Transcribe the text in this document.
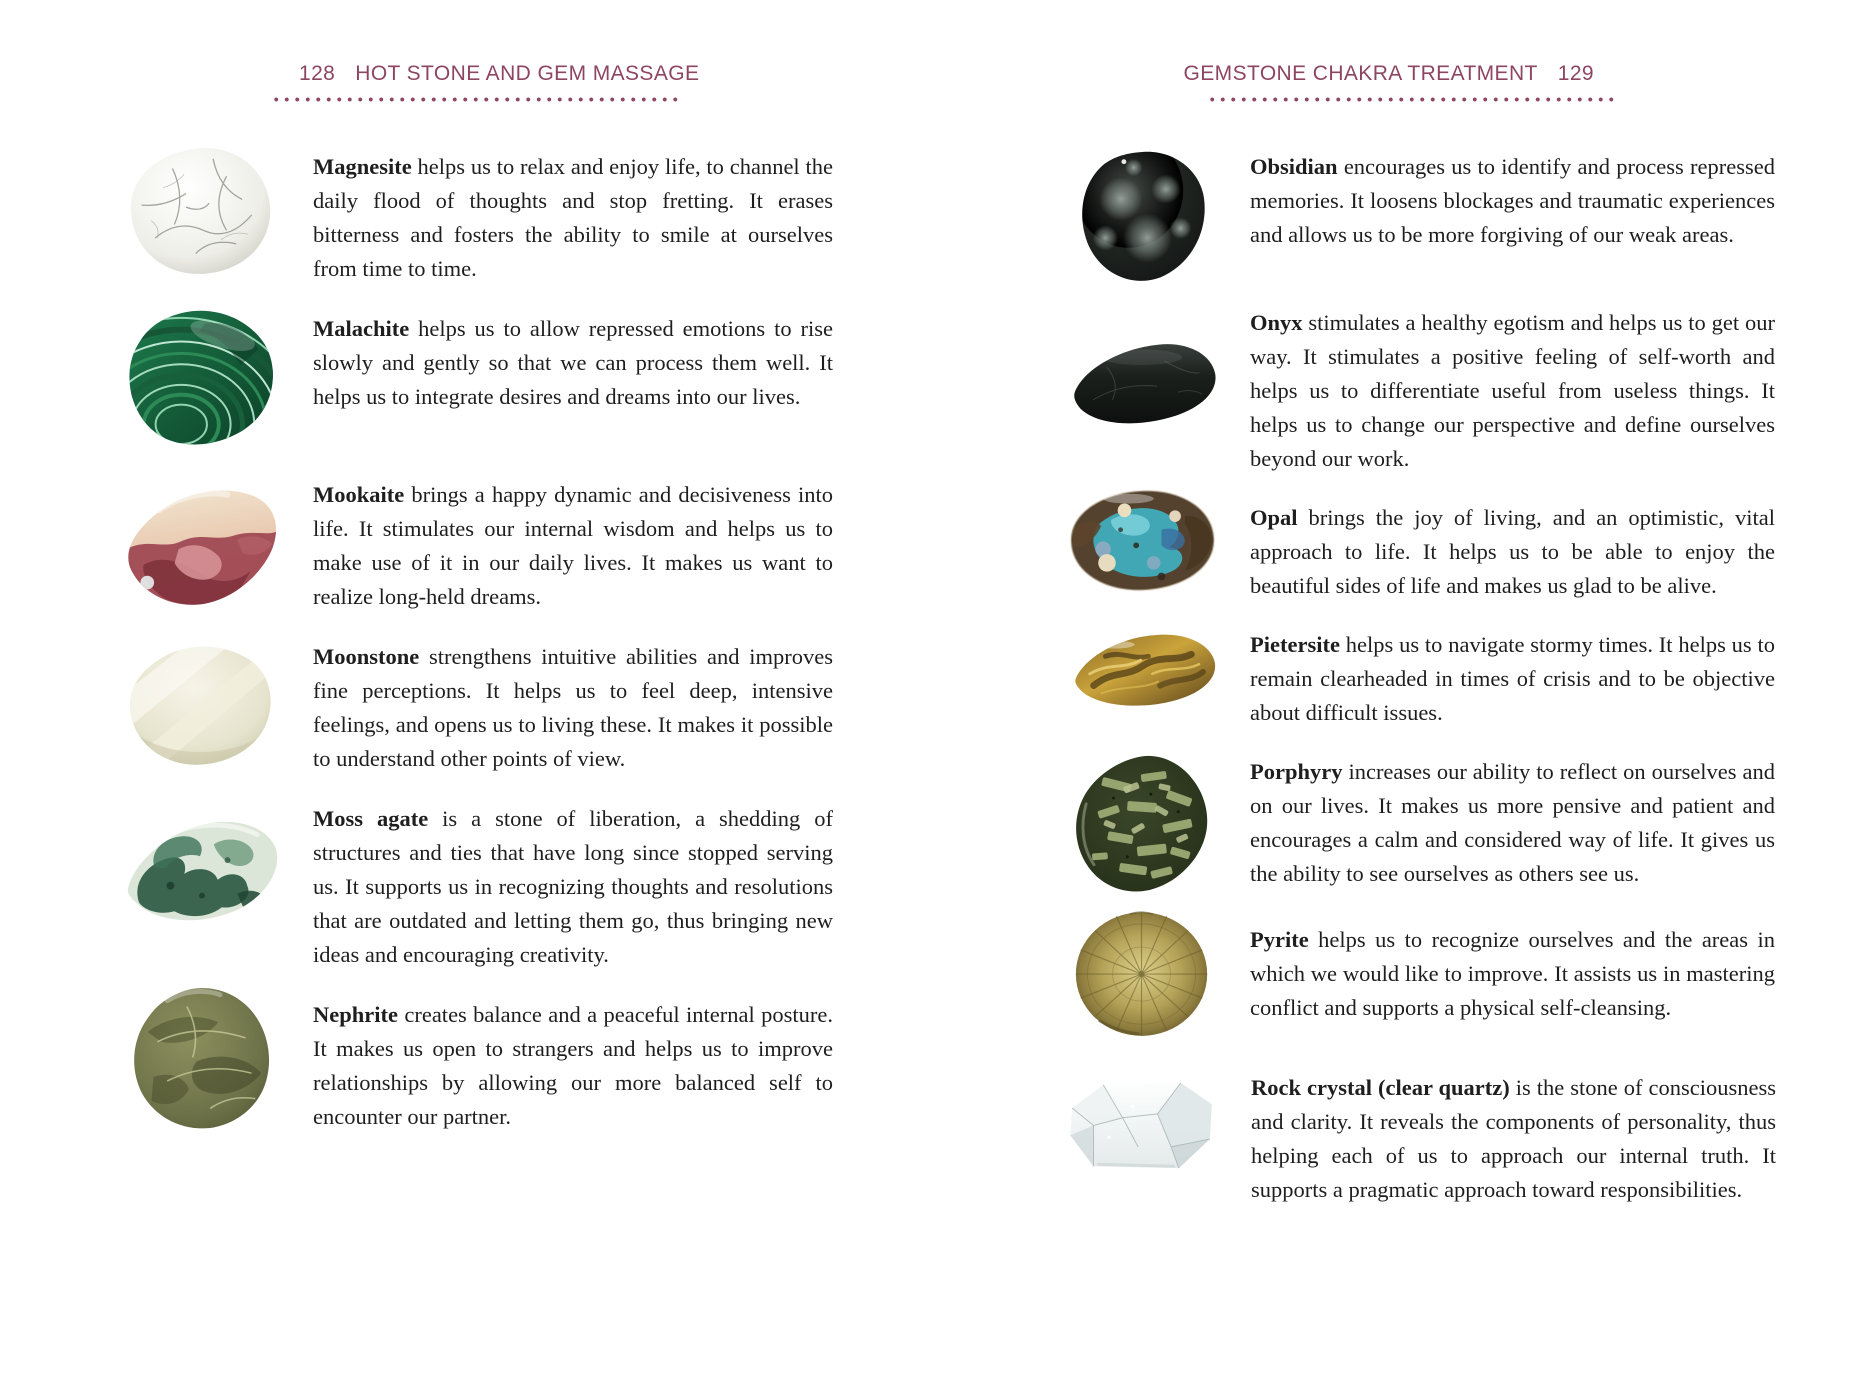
128 HOT STONE AND GEM MASSAGE	GEMSTONE CHAKRA TREATMENT 129

Magnesite helps us to relax and enjoy life, to channel the daily flood of thoughts and stop fretting. It erases bitterness and fosters the ability to smile at ourselves from time to time.

Malachite helps us to allow repressed emotions to rise slowly and gently so that we can process them well. It helps us to integrate desires and dreams into our lives.

Mookaite brings a happy dynamic and decisiveness into life. It stimulates our internal wisdom and helps us to make use of it in our daily lives. It makes us want to realize long-held dreams.

Moonstone strengthens intuitive abilities and improves fine perceptions. It helps us to feel deep, intensive feelings, and opens us to living these. It makes it possible to understand other points of view.

Moss agate is a stone of liberation, a shedding of structures and ties that have long since stopped serving us. It supports us in recognizing thoughts and resolutions that are outdated and letting them go, thus bringing new ideas and encouraging creativity.

Nephrite creates balance and a peaceful internal posture. It makes us open to strangers and helps us to improve relationships by allowing our more balanced self to encounter our partner.

Obsidian encourages us to identify and process repressed memories. It loosens blockages and traumatic experiences and allows us to be more forgiving of our weak areas.

Onyx stimulates a healthy egotism and helps us to get our way. It stimulates a positive feeling of self-worth and helps us to differentiate useful from useless things. It helps us to change our perspective and define ourselves beyond our work.

Opal brings the joy of living, and an optimistic, vital approach to life. It helps us to be able to enjoy the beautiful sides of life and makes us glad to be alive.

Pietersite helps us to navigate stormy times. It helps us to remain clearheaded in times of crisis and to be objective about difficult issues.

Porphyry increases our ability to reflect on ourselves and on our lives. It makes us more pensive and patient and encourages a calm and considered way of life. It gives us the ability to see ourselves as others see us.

Pyrite helps us to recognize ourselves and the areas in which we would like to improve. It assists us in mastering conflict and supports a physical self-cleansing.

Rock crystal (clear quartz) is the stone of consciousness and clarity. It reveals the components of personality, thus helping each of us to approach our internal truth. It supports a pragmatic approach toward responsibilities.
